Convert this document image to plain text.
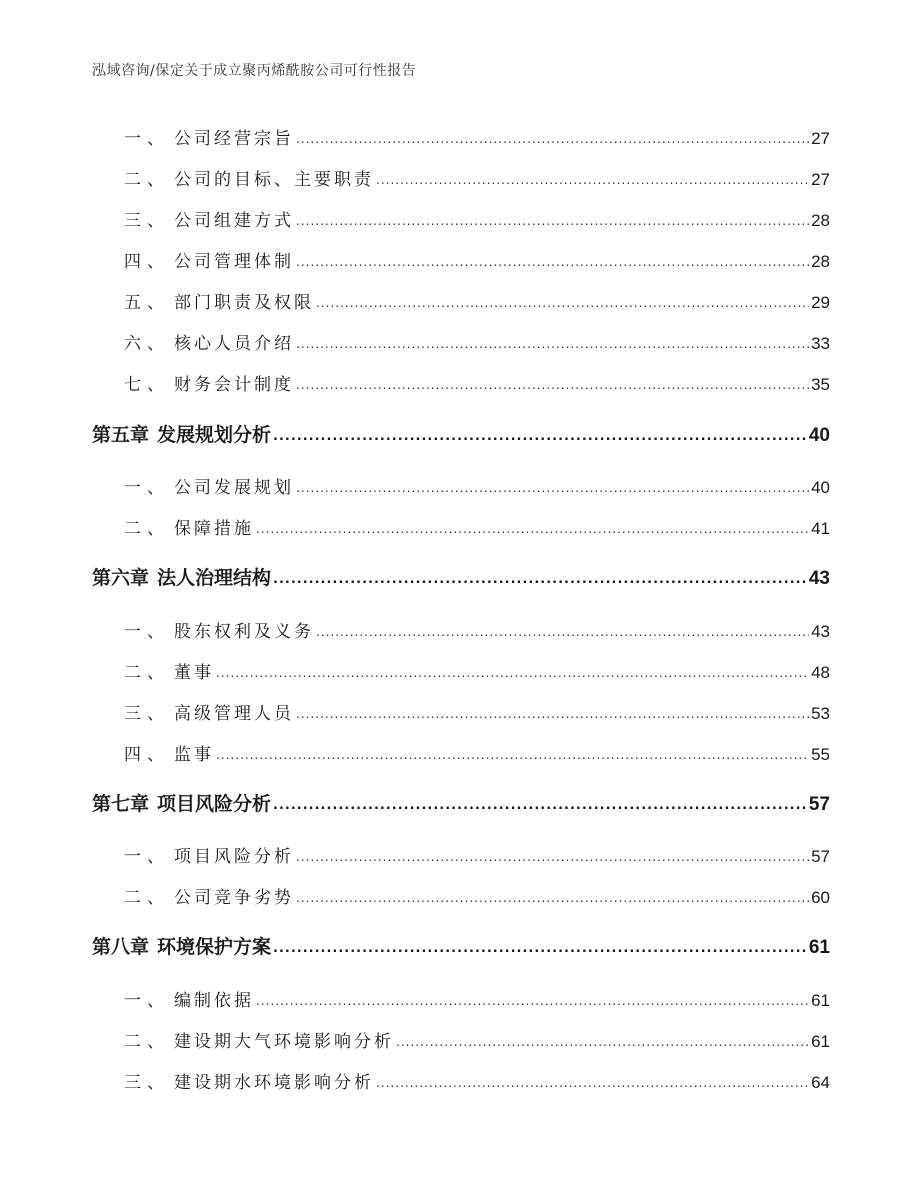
泓域咨询/保定关于成立聚丙烯酰胺公司可行性报告
一、 公司经营宗旨 .....	27
二、 公司的目标、主要职责 .....	27
三、 公司组建方式 .....	28
四、 公司管理体制 .....	28
五、 部门职责及权限 .....	29
六、 核心人员介绍 .....	33
七、 财务会计制度 .....	35
第五章 发展规划分析 .....	40
一、 公司发展规划 .....	40
二、 保障措施 .....	41
第六章 法人治理结构 .....	43
一、 股东权利及义务 .....	43
二、 董事 .....	48
三、 高级管理人员 .....	53
四、 监事 .....	55
第七章 项目风险分析 .....	57
一、 项目风险分析 .....	57
二、 公司竞争劣势 .....	60
第八章 环境保护方案 .....	61
一、 编制依据 .....	61
二、 建设期大气环境影响分析 .....	61
三、 建设期水环境影响分析 .....	64
